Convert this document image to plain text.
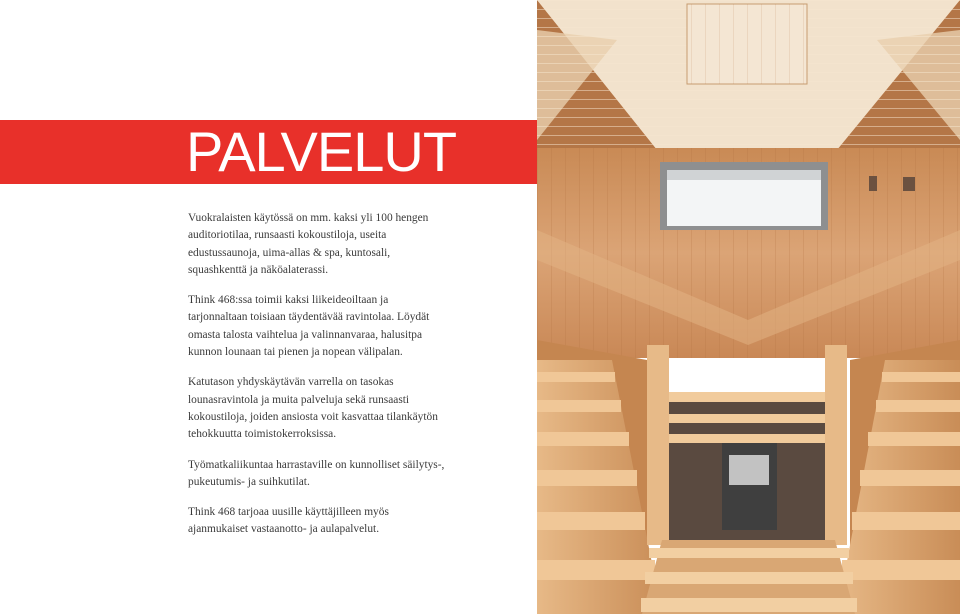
PALVELUT

Vuokralaisten käytössä on mm. kaksi yli 100 hengen auditoriotilaa, runsaasti kokoustiloja, useita edustussaunoja, uima-allas & spa, kuntosali, squashkenttä ja näköalaterassi.

Think 468:ssa toimii kaksi liikeideoiltaan ja tarjonnaltaan toisiaan täydentävää ravintolaa. Löydät omasta talosta vaihtelua ja valinnanvaraa, halusitpa kunnon lounaan tai pienen ja nopean välipalan.

Katutason yhdyskäytävän varrella on tasokas lounasravintola ja muita palveluja sekä runsaasti kokoustiloja, joiden ansiosta voit kasvattaa tilankäytön tehokkuutta toimistokerroksissa.

Työmatkaliikuntaa harrastaville on kunnolliset säilytys-, pukeutumis- ja suihkutilat.

Think 468 tarjoaa uusille käyttäjilleen myös ajanmukaiset vastaanotto- ja aulapalvelut.
